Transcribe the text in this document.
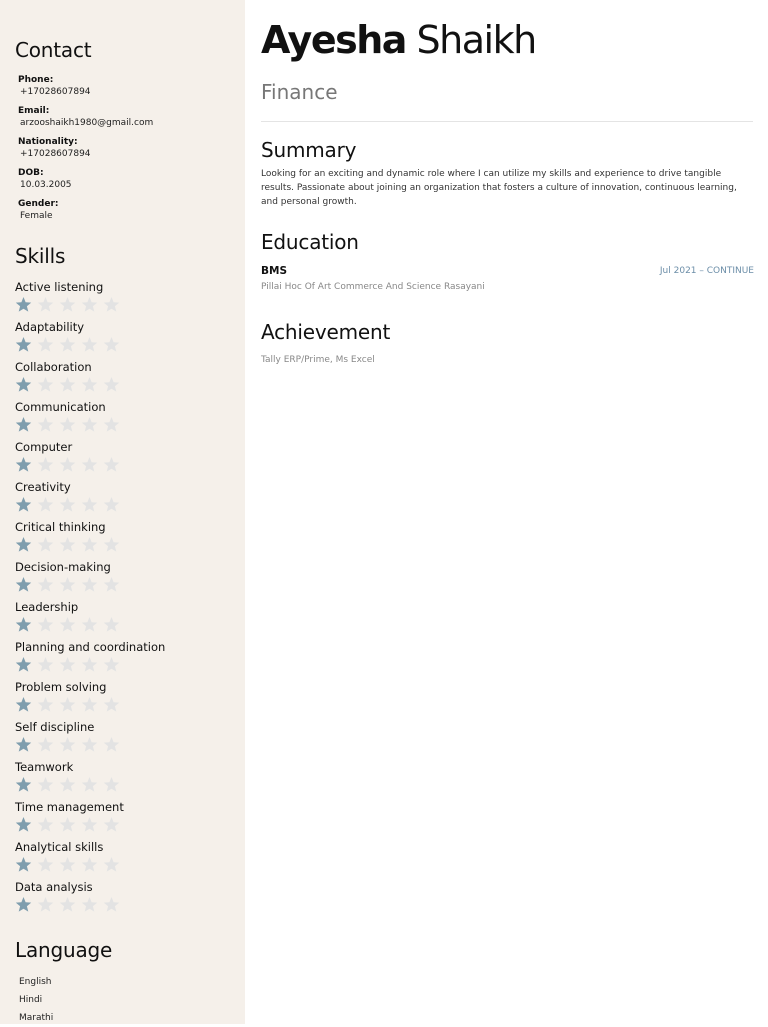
Contact
Phone:
+17028607894
Email:
arzooshaikh1980@gmail.com
Nationality:
+17028607894
DOB:
10.03.2005
Gender:
Female
Skills
Active listening
Adaptability
Collaboration
Communication
Computer
Creativity
Critical thinking
Decision-making
Leadership
Planning and coordination
Problem solving
Self discipline
Teamwork
Time management
Analytical skills
Data analysis
Language
English
Hindi
Marathi
Ayesha Shaikh
Finance
Summary

Looking for an exciting and dynamic role where I can utilize my skills and experience to drive tangible results. Passionate about joining an organization that fosters a culture of innovation, continuous learning, and personal growth.

Education
BMS	Jul 2021 – CONTINUE
Pillai Hoc Of Art Commerce And Science Rasayani
Achievement
Tally ERP/Prime, Ms Excel
